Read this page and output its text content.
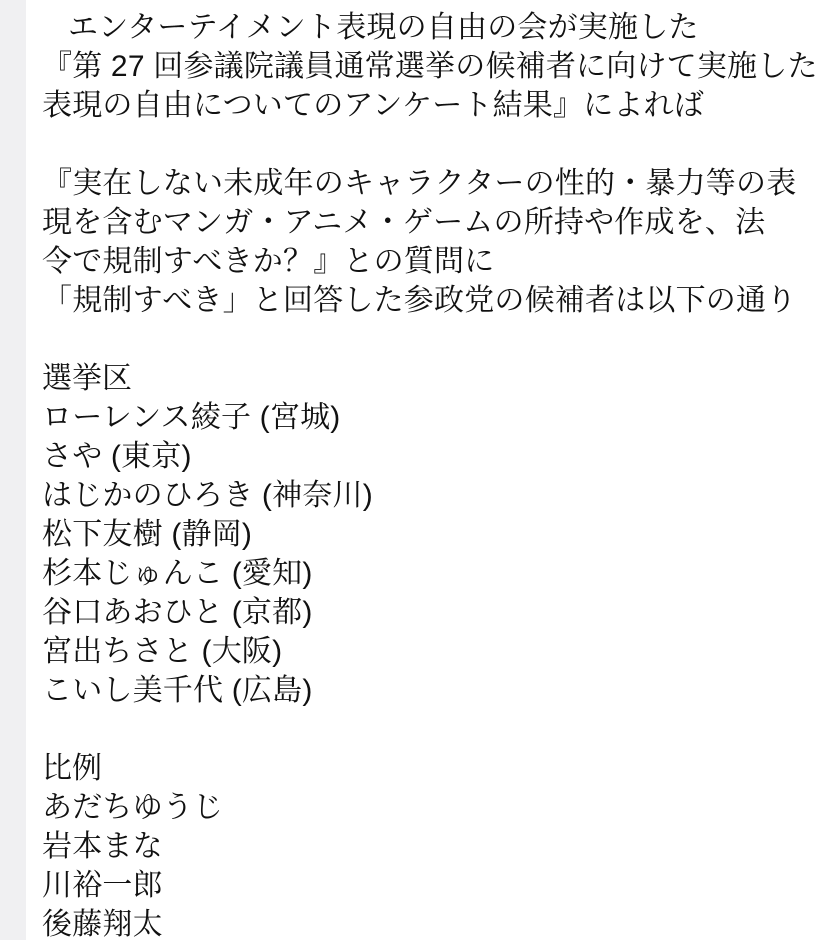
エンターテイメント表現の自由の会が実施した

『第 27 回参議院議員通常選挙の候補者に向けて実施した

表現の自由についてのアンケート結果』によれば

『実在しない未成年のキャラクターの性的・暴力等の表

現を含むマンガ・アニメ・ゲームの所持や作成を、法

令で規制すべきか？』との質問に

「規制すべき」と回答した参政党の候補者は以下の通り

選挙区

ローレンス綾子 (宮城)

さや (東京)

はじかのひろき (神奈川)

松下友樹 (静岡)

杉本じゅんこ (愛知)

谷口あおひと (京都)

宮出ちさと (大阪)

こいし美千代 (広島)

比例

あだちゆうじ

岩本まな

川裕一郎

後藤翔太
